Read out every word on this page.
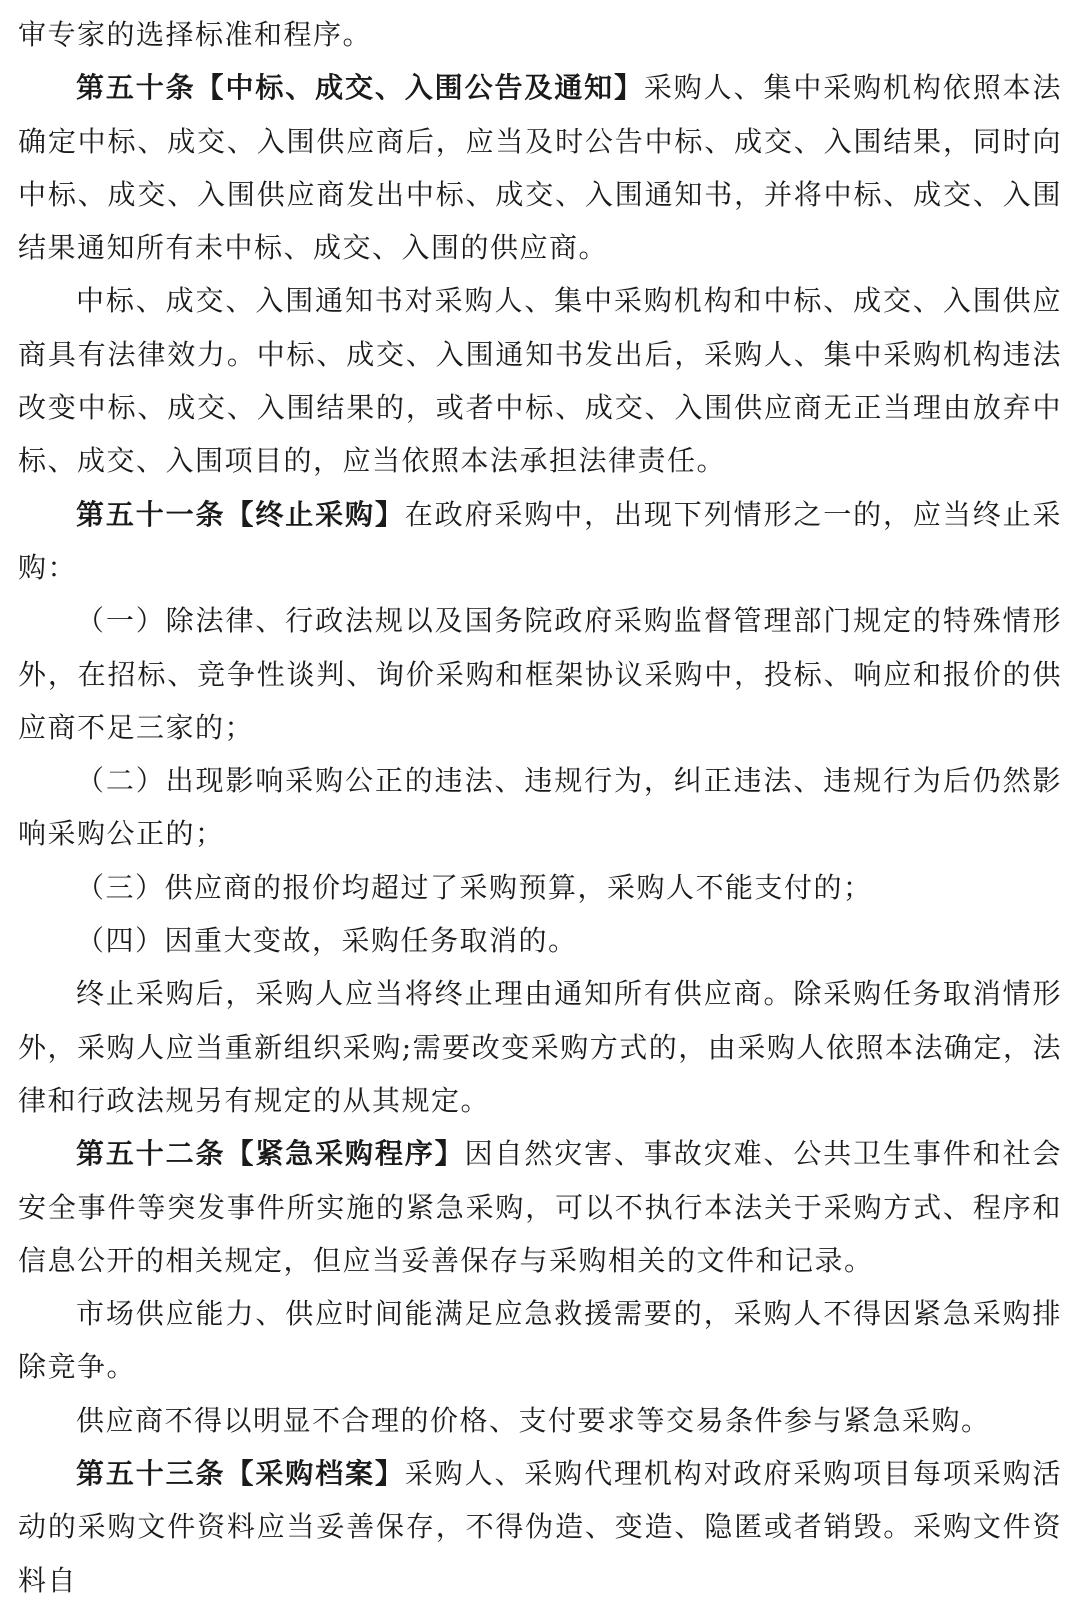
审专家的选择标准和程序。

第五十条【中标、成交、入围公告及通知】采购人、集中采购机构依照本法确定中标、成交、入围供应商后，应当及时公告中标、成交、入围结果，同时向中标、成交、入围供应商发出中标、成交、入围通知书，并将中标、成交、入围结果通知所有未中标、成交、入围的供应商。

中标、成交、入围通知书对采购人、集中采购机构和中标、成交、入围供应商具有法律效力。中标、成交、入围通知书发出后，采购人、集中采购机构违法改变中标、成交、入围结果的，或者中标、成交、入围供应商无正当理由放弃中标、成交、入围项目的，应当依照本法承担法律责任。

第五十一条【终止采购】在政府采购中，出现下列情形之一的，应当终止采购：

（一）除法律、行政法规以及国务院政府采购监督管理部门规定的特殊情形外，在招标、竞争性谈判、询价采购和框架协议采购中，投标、响应和报价的供应商不足三家的；

（二）出现影响采购公正的违法、违规行为，纠正违法、违规行为后仍然影响采购公正的；

（三）供应商的报价均超过了采购预算，采购人不能支付的；

（四）因重大变故，采购任务取消的。

终止采购后，采购人应当将终止理由通知所有供应商。除采购任务取消情形外，采购人应当重新组织采购;需要改变采购方式的，由采购人依照本法确定，法律和行政法规另有规定的从其规定。

第五十二条【紧急采购程序】因自然灾害、事故灾难、公共卫生事件和社会安全事件等突发事件所实施的紧急采购，可以不执行本法关于采购方式、程序和信息公开的相关规定，但应当妥善保存与采购相关的文件和记录。

市场供应能力、供应时间能满足应急救援需要的，采购人不得因紧急采购排除竞争。

供应商不得以明显不合理的价格、支付要求等交易条件参与紧急采购。

第五十三条【采购档案】采购人、采购代理机构对政府采购项目每项采购活动的采购文件资料应当妥善保存，不得伪造、变造、隐匿或者销毁。采购文件资料自
